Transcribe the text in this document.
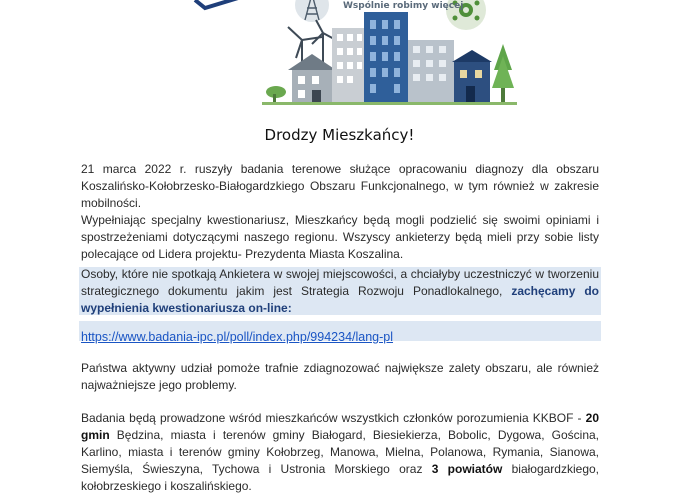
Wspólnie robimy więcej
Drodzy Mieszkańcy!

21 marca 2022 r. ruszyły badania terenowe służące opracowaniu diagnozy dla obszaru Koszalińsko-Kołobrzesko-Białogardzkiego Obszaru Funkcjonalnego, w tym również w zakresie mobilności.

Wypełniając specjalny kwestionariusz, Mieszkańcy będą mogli podzielić się swoimi opiniami i spostrzeżeniami dotyczącymi naszego regionu. Wszyscy ankieterzy będą mieli przy sobie listy polecające od Lidera projektu- Prezydenta Miasta Koszalina.

Osoby, które nie spotkają Ankietera w swojej miejscowości, a chciałyby uczestniczyć w tworzeniu strategicznego dokumentu jakim jest Strategia Rozwoju Ponadlokalnego, zachęcamy do wypełnienia kwestionariusza on-line:

https://www.badania-ipc.pl/poll/index.php/994234/lang-pl

Państwa aktywny udział pomoże trafnie zdiagnozować największe zalety obszaru, ale również najważniejsze jego problemy.

Badania będą prowadzone wśród mieszkańców wszystkich członków porozumienia KKBOF - 20 gmin Będzina, miasta i terenów gminy Białogard, Biesiekierza, Bobolic, Dygowa, Gościna, Karlino, miasta i terenów gminy Kołobrzeg, Manowa, Mielna, Polanowa, Rymania, Sianowa, Siemyśla, Świeszyna, Tychowa i Ustronia Morskiego oraz 3 powiatów białogardzkiego, kołobrzeskiego i koszalińskiego.
